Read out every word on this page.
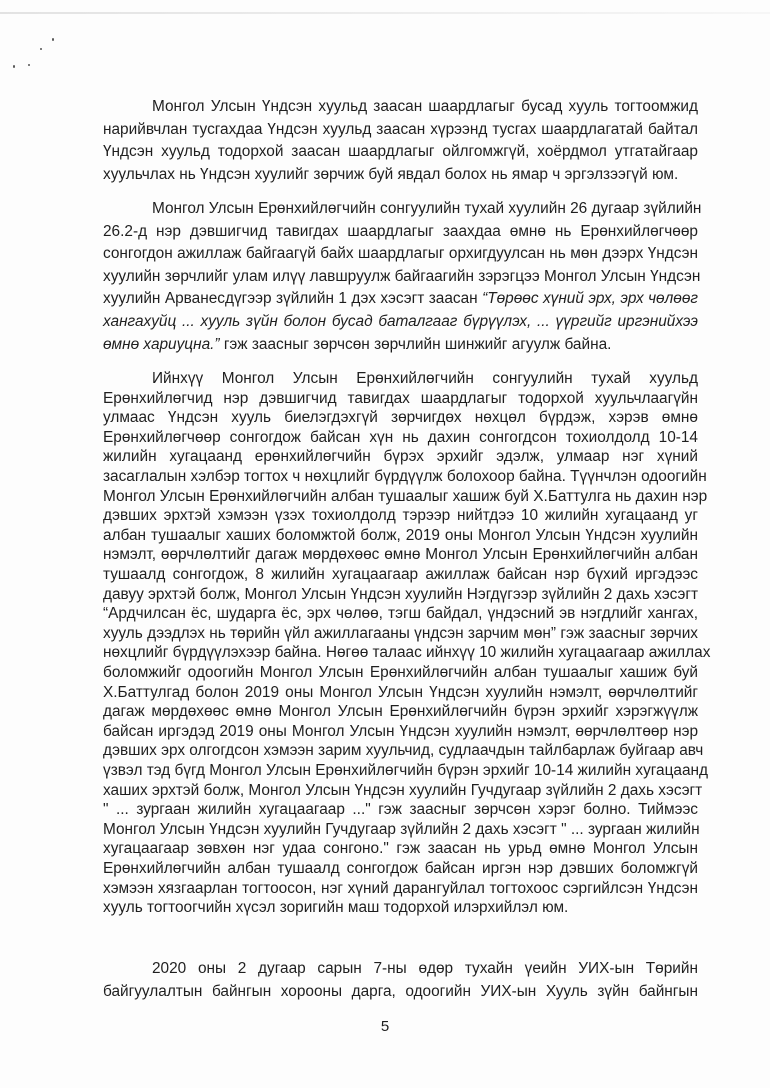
Монгол Улсын Үндсэн хуульд заасан шаардлагыг бусад хууль тогтоомжид
нарийвчлан тусгахдаа Үндсэн хуульд заасан хүрээнд тусгах шаардлагатай байтал
Үндсэн хуульд тодорхой заасан шаардлагыг ойлгомжгүй, хоёрдмол утгатайгаар
хуульчлах нь Үндсэн хуулийг зөрчиж буй явдал болох нь ямар ч эргэлзээгүй юм.
Монгол Улсын Ерөнхийлөгчийн сонгуулийн тухай хуулийн 26 дугаар зүйлийн
26.2-д нэр дэвшигчид тавигдах шаардлагыг заахдаа өмнө нь Ерөнхийлөгчөөр
сонгогдон ажиллаж байгаагүй байх шаардлагыг орхигдуулсан нь мөн дээрх Үндсэн
хуулийн зөрчлийг улам илүү лавшруулж байгаагийн зэрэгцээ Монгол Улсын Үндсэн
хуулийн Арванесдүгээр зүйлийн 1 дэх хэсэгт заасан “Төрөөс хүний эрх, эрх чөлөөг
хангахуйц ... хууль зүйн болон бусад баталгааг бүрүүлэх, ... үүргийг иргэнийхээ
өмнө хариуцна.” гэж заасныг зөрчсөн зөрчлийн шинжийг агуулж байна.
Ийнхүү Монгол Улсын Ерөнхийлөгчийн сонгуулийн тухай хуульд
Ерөнхийлөгчид нэр дэвшигчид тавигдах шаардлагыг тодорхой хуульчлаагүйн
улмаас Үндсэн хууль биелэгдэхгүй зөрчигдөх нөхцөл бүрдэж, хэрэв өмнө
Ерөнхийлөгчөөр сонгогдож байсан хүн нь дахин сонгогдсон тохиолдолд 10-14
жилийн хугацаанд ерөнхийлөгчийн бүрэх эрхийг эдэлж, улмаар нэг хүний
засаглалын хэлбэр тогтох ч нөхцлийг бүрдүүлж болохоор байна. Түүнчлэн одоогийн
Монгол Улсын Ерөнхийлөгчийн албан тушаалыг хашиж буй Х.Баттулга нь дахин нэр
дэвших эрхтэй хэмээн үзэх тохиолдолд тэрээр нийтдээ 10 жилийн хугацаанд уг
албан тушаалыг хаших боломжтой болж, 2019 оны Монгол Улсын Үндсэн хуулийн
нэмэлт, өөрчлөлтийг дагаж мөрдөхөөс өмнө Монгол Улсын Ерөнхийлөгчийн албан
тушаалд сонгогдож, 8 жилийн хугацаагаар ажиллаж байсан нэр бүхий иргэдээс
давуу эрхтэй болж, Монгол Улсын Үндсэн хуулийн Нэгдүгээр зүйлийн 2 дахь хэсэгт
“Ардчилсан ёс, шударга ёс, эрх чөлөө, тэгш байдал, үндэсний эв нэгдлийг хангах,
хууль дээдлэх нь төрийн үйл ажиллагааны үндсэн зарчим мөн” гэж заасныг зөрчих
нөхцлийг бүрдүүлэхээр байна. Нөгөө талаас ийнхүү 10 жилийн хугацаагаар ажиллах
боломжийг одоогийн Монгол Улсын Ерөнхийлөгчийн албан тушаалыг хашиж буй
Х.Баттулгад болон 2019 оны Монгол Улсын Үндсэн хуулийн нэмэлт, өөрчлөлтийг
дагаж мөрдөхөөс өмнө Монгол Улсын Ерөнхийлөгчийн бүрэн эрхийг хэрэгжүүлж
байсан иргэдэд 2019 оны Монгол Улсын Үндсэн хуулийн нэмэлт, өөрчлөлтөөр нэр
дэвших эрх олгогдсон хэмээн зарим хуульчид, судлаачдын тайлбарлаж буйгаар авч
үзвэл тэд бүгд Монгол Улсын Ерөнхийлөгчийн бүрэн эрхийг 10-14 жилийн хугацаанд
хаших эрхтэй болж, Монгол Улсын Үндсэн хуулийн Гучдугаар зүйлийн 2 дахь хэсэгт
" ... зургаан жилийн хугацаагаар ..." гэж заасныг зөрчсөн хэрэг болно. Тиймээс
Монгол Улсын Үндсэн хуулийн Гучдугаар зүйлийн 2 дахь хэсэгт " ... зургаан жилийн
хугацаагаар зөвхөн нэг удаа сонгоно." гэж заасан нь урьд өмнө Монгол Улсын
Ерөнхийлөгчийн албан тушаалд сонгогдож байсан иргэн нэр дэвших боломжгүй
хэмээн хязгаарлан тогтоосон, нэг хүний дарангуйлал тогтохоос сэргийлсэн Үндсэн
хууль тогтоогчийн хүсэл зоригийн маш тодорхой илэрхийлэл юм.
2020 оны 2 дугаар сарын 7-ны өдөр тухайн үеийн УИХ-ын Төрийн
байгуулалтын байнгын хорооны дарга, одоогийн УИХ-ын Хууль зүйн байнгын
5
